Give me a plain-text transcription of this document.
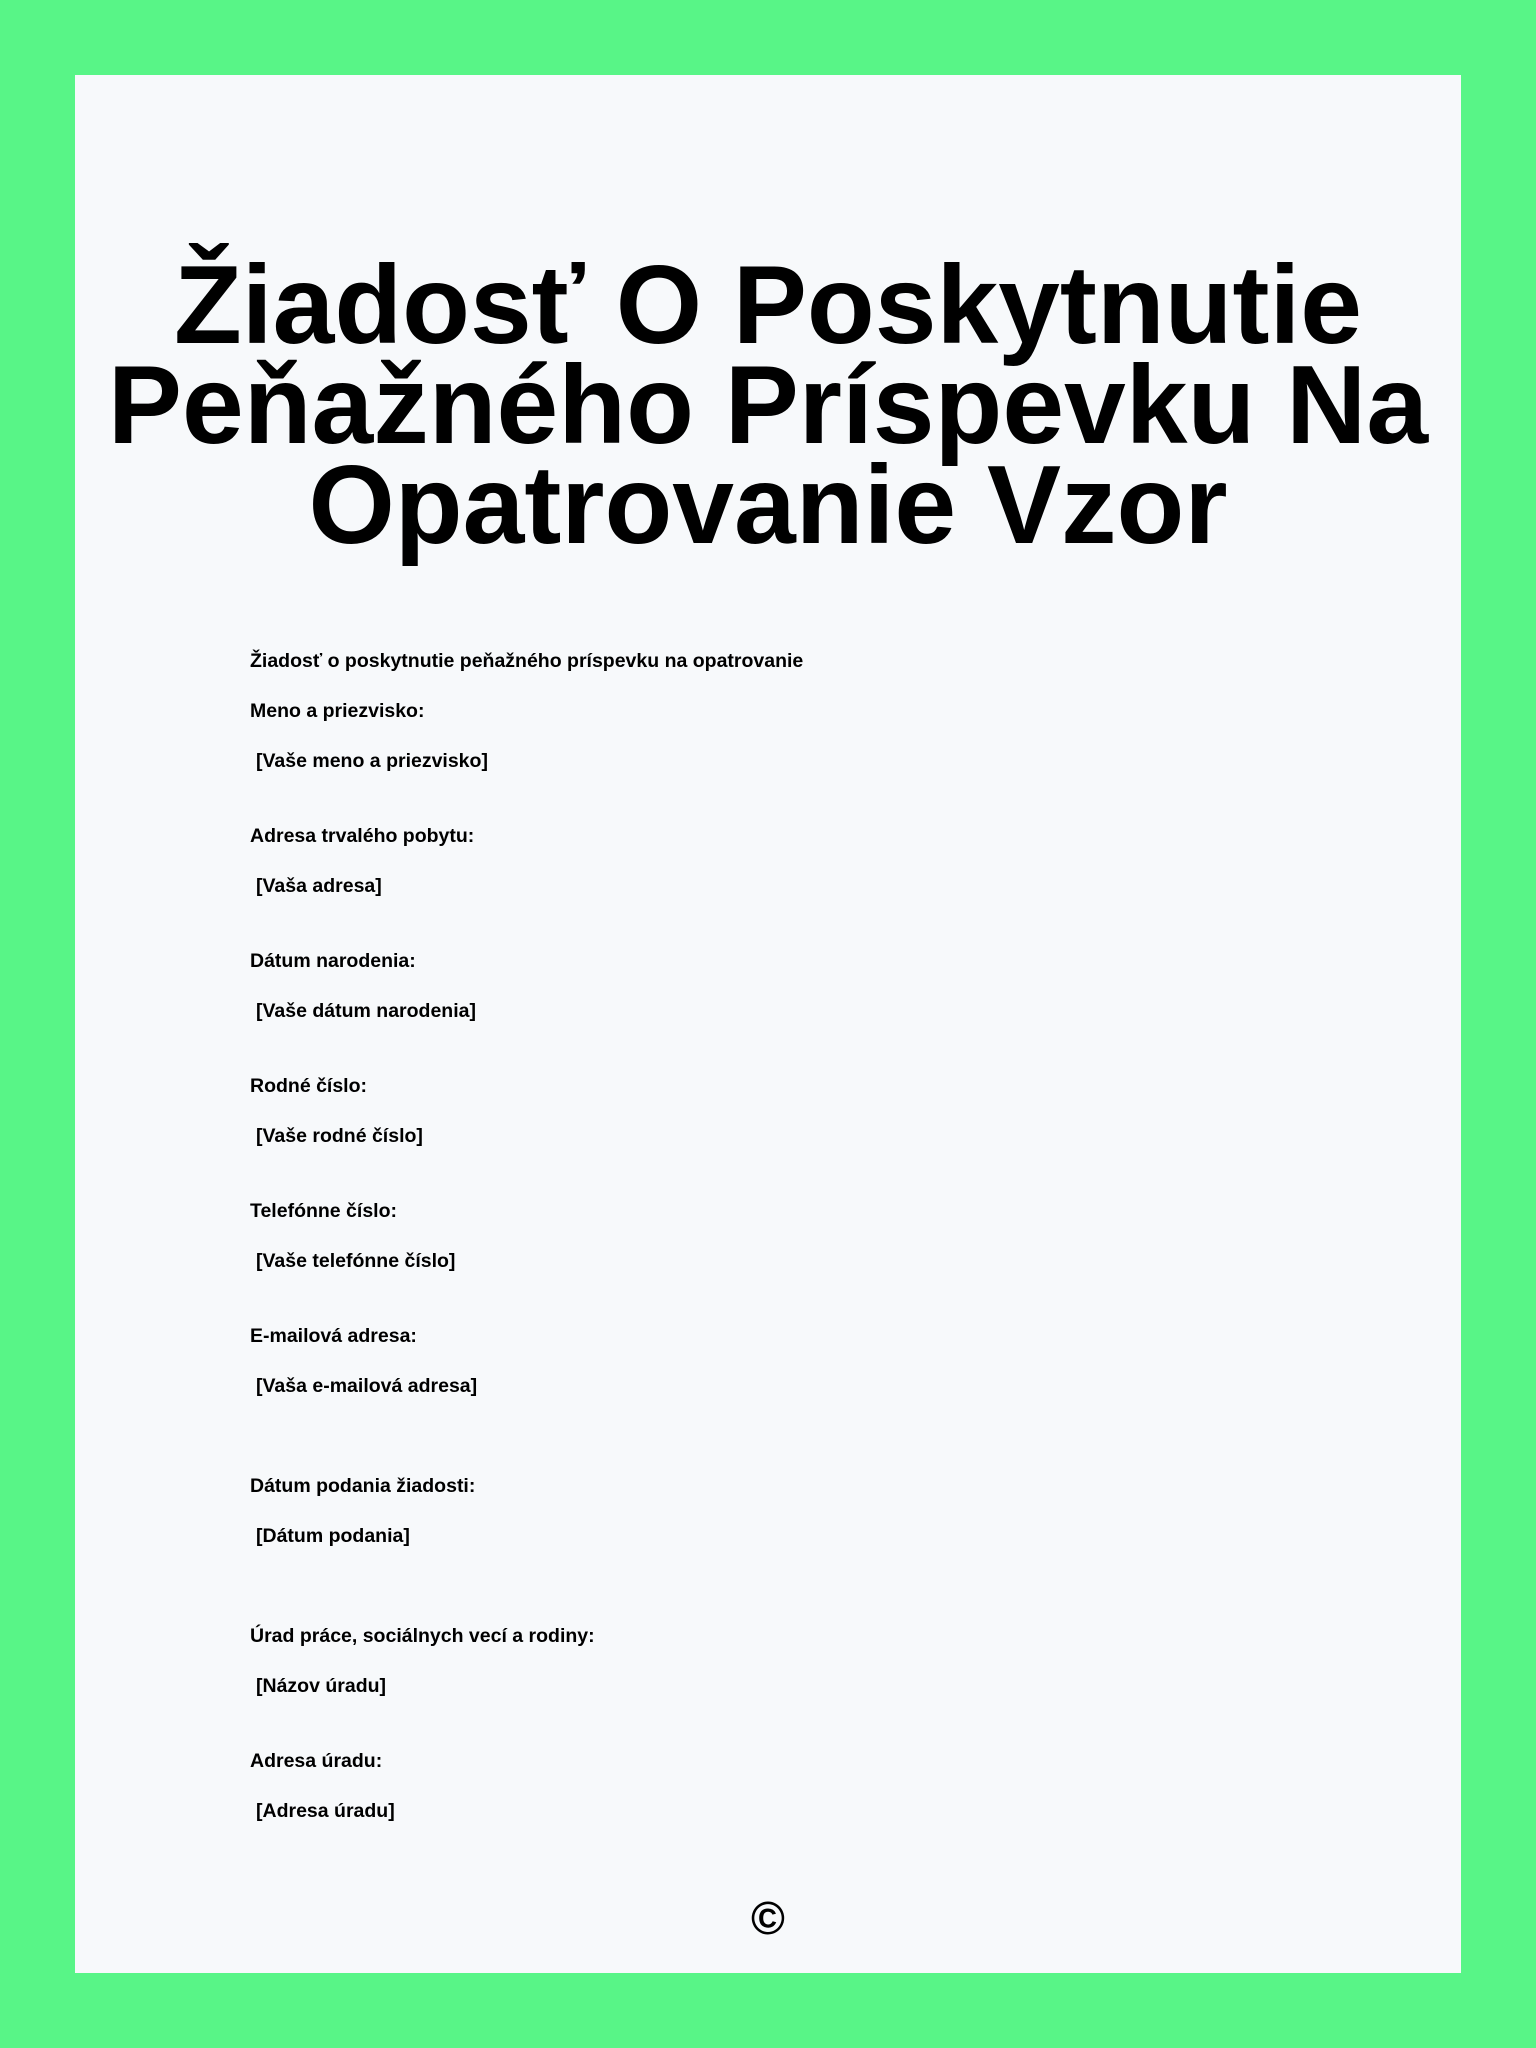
Žiadosť O Poskytnutie
Peňažného Príspevku Na
Opatrovanie Vzor
Žiadosť o poskytnutie peňažného príspevku na opatrovanie
Meno a priezvisko:
[Vaše meno a priezvisko]
Adresa trvalého pobytu:
[Vaša adresa]
Dátum narodenia:
[Vaše dátum narodenia]
Rodné číslo:
[Vaše rodné číslo]
Telefónne číslo:
[Vaše telefónne číslo]
E-mailová adresa:
[Vaša e-mailová adresa]
Dátum podania žiadosti:
[Dátum podania]
Úrad práce, sociálnych vecí a rodiny:
[Názov úradu]
Adresa úradu:
[Adresa úradu]
©
